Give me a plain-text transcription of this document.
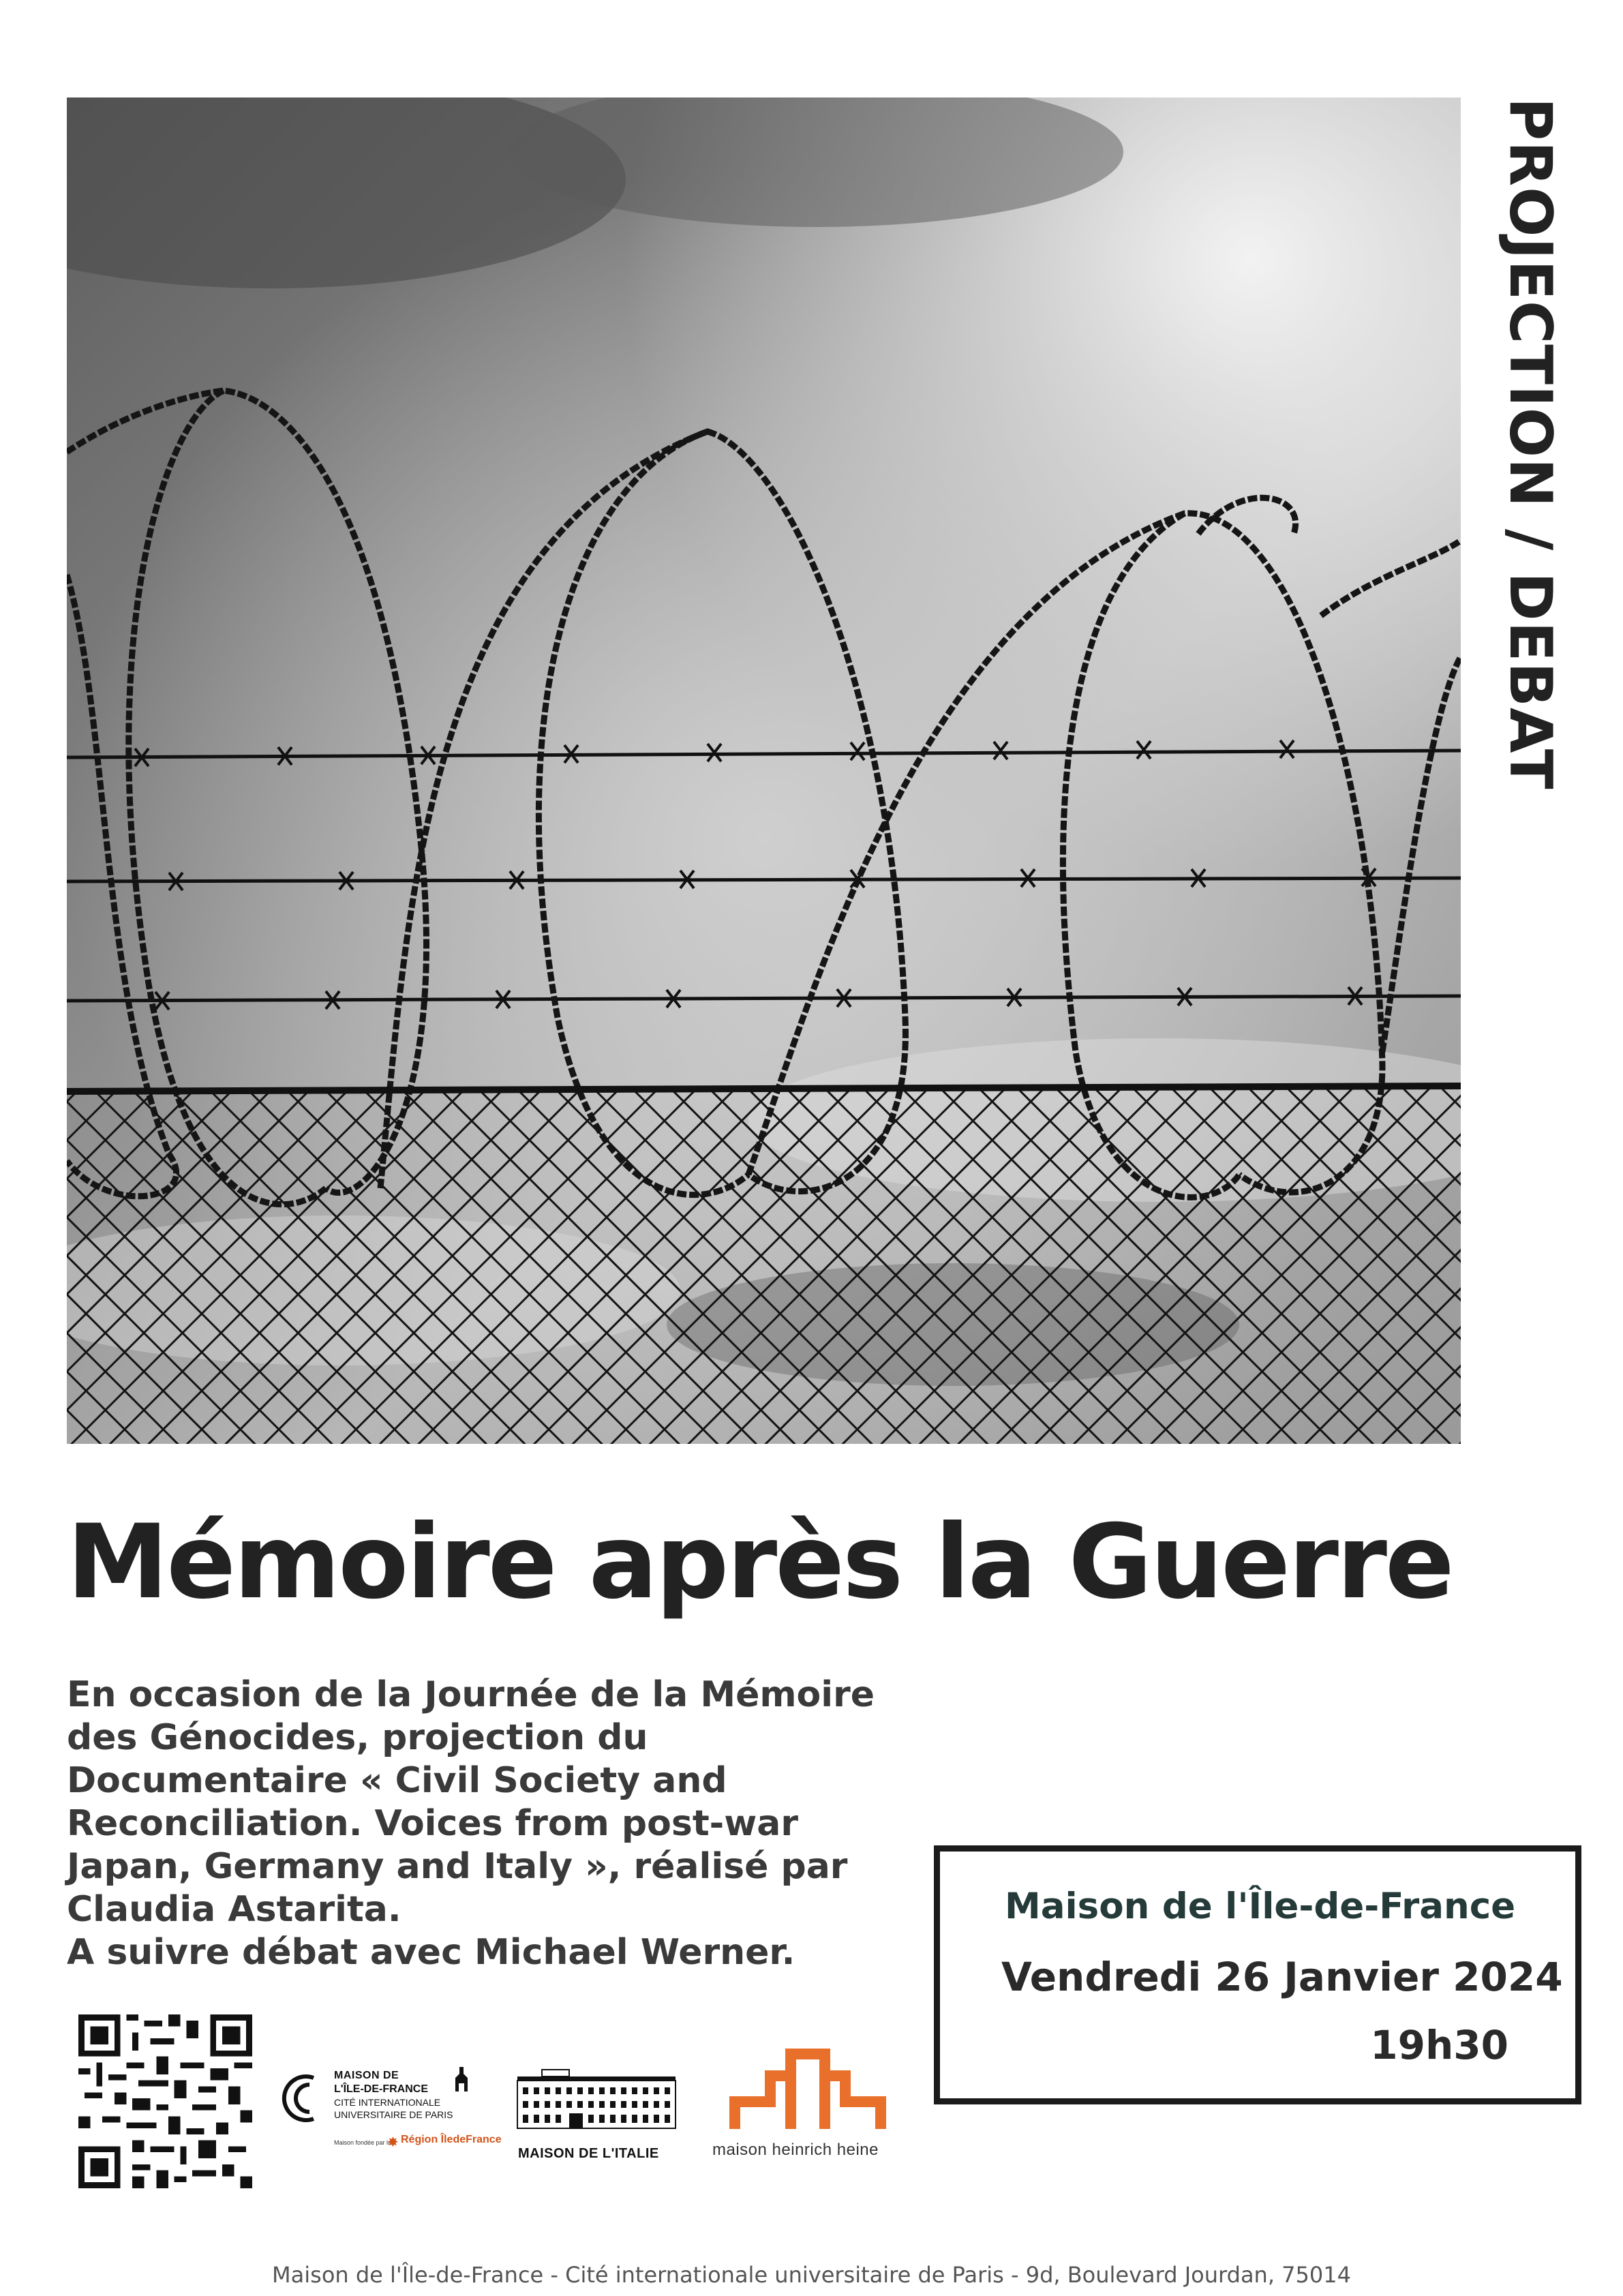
PROJECTION / DEBAT
Mémoire après la Guerre
En occasion de la Journée de la Mémoire
des Génocides, projection du
Documentaire « Civil Society and
Reconciliation. Voices from post-war
Japan, Germany and Italy », réalisé par
Claudia Astarita.
A suivre débat avec Michael Werner.
Maison de l'Île-de-France
Vendredi 26 Janvier 2024
19h30
MAISON DE
L'ÎLE-DE-FRANCE
CITÉ INTERNATIONALE
UNIVERSITAIRE DE PARIS
Maison fondée par la
✸ Région ÎledeFrance
MAISON DE L'ITALIE	maison heinrich heine
Maison de l'Île-de-France - Cité internationale universitaire de Paris - 9d, Boulevard Jourdan, 75014
